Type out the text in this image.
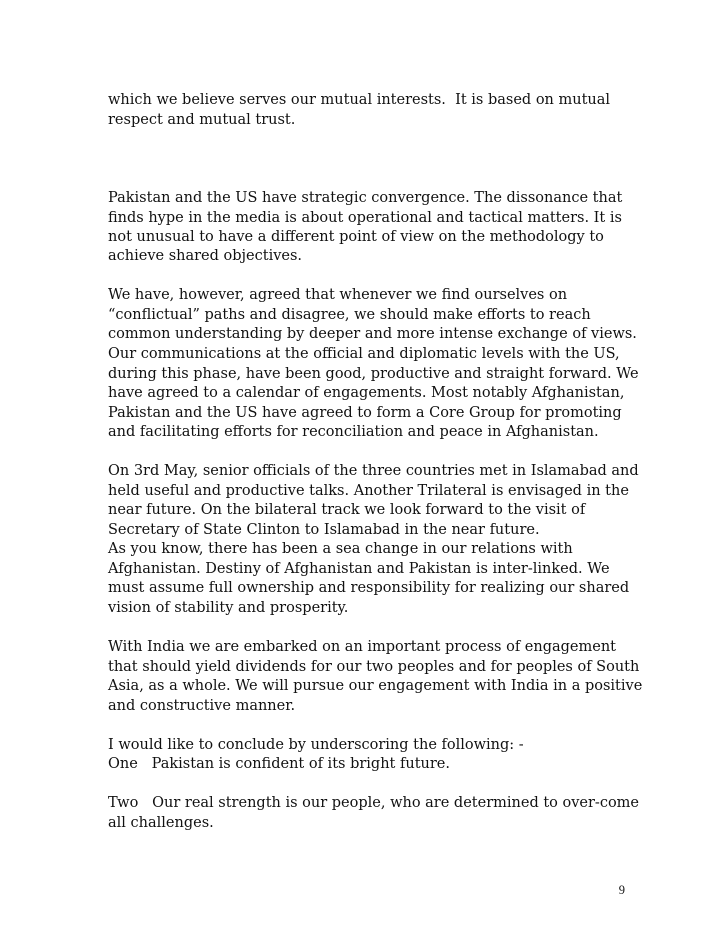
which we believe serves our mutual interests.  It is based on mutual

respect and mutual trust.

Pakistan and the US have strategic convergence. The dissonance that

finds hype in the media is about operational and tactical matters. It is

not unusual to have a different point of view on the methodology to

achieve shared objectives.

We have, however, agreed that whenever we find ourselves on

“conflictual” paths and disagree, we should make efforts to reach

common understanding by deeper and more intense exchange of views.

Our communications at the official and diplomatic levels with the US,

during this phase, have been good, productive and straight forward. We

have agreed to a calendar of engagements. Most notably Afghanistan,

Pakistan and the US have agreed to form a Core Group for promoting

and facilitating efforts for reconciliation and peace in Afghanistan.

On 3rd May, senior officials of the three countries met in Islamabad and

held useful and productive talks. Another Trilateral is envisaged in the

near future. On the bilateral track we look forward to the visit of

Secretary of State Clinton to Islamabad in the near future.

As you know, there has been a sea change in our relations with

Afghanistan. Destiny of Afghanistan and Pakistan is inter-linked. We

must assume full ownership and responsibility for realizing our shared

vision of stability and prosperity.

With India we are embarked on an important process of engagement

that should yield dividends for our two peoples and for peoples of South

Asia, as a whole. We will pursue our engagement with India in a positive

and constructive manner.

I would like to conclude by underscoring the following: -

One   Pakistan is confident of its bright future.

Two   Our real strength is our people, who are determined to over-come

all challenges.

9
